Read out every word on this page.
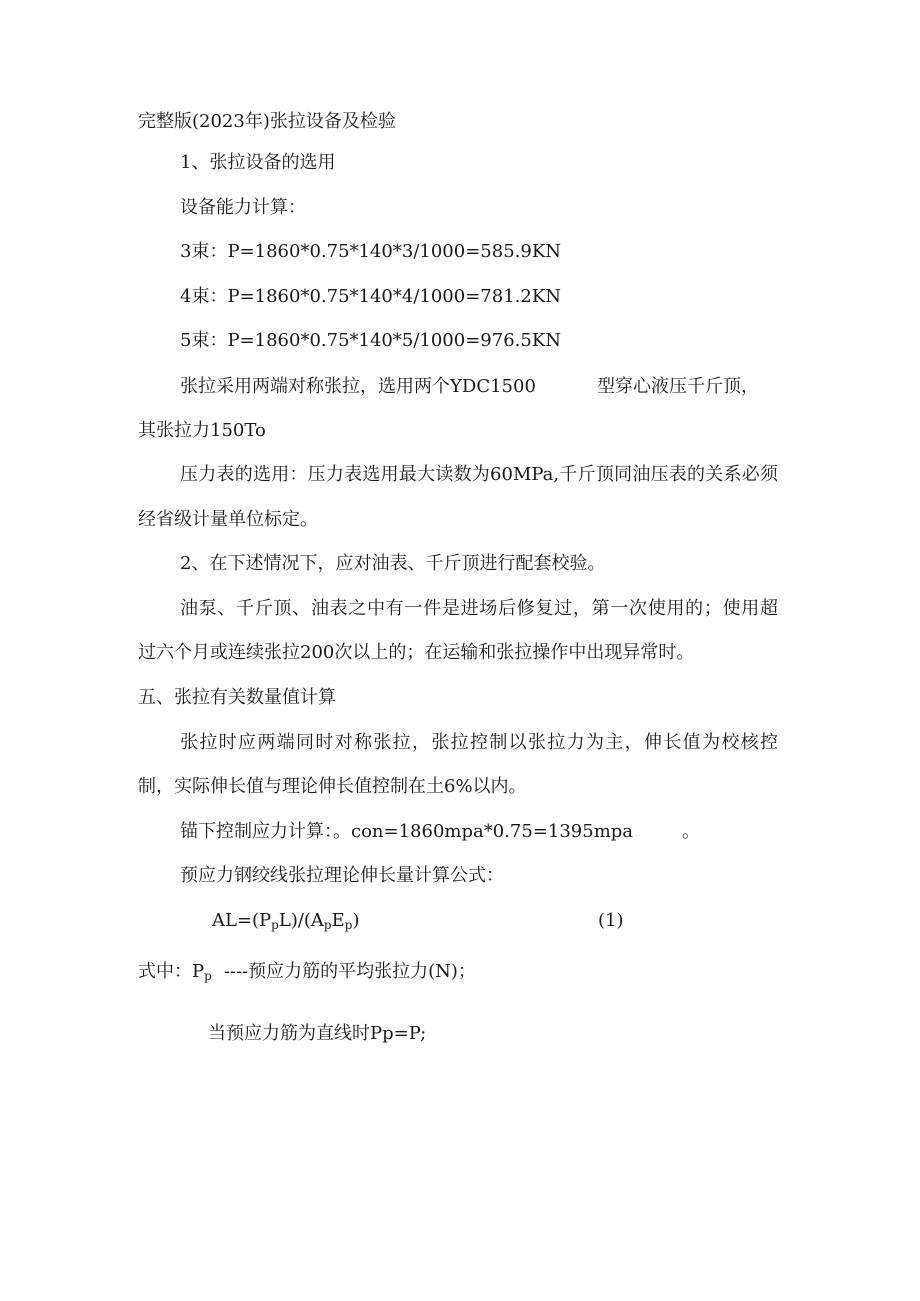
完整版(2023年)张拉设备及检验
1、张拉设备的选用
设备能力计算：
3束：P=1860*0.75*140*3/1000=585.9KN
4束：P=1860*0.75*140*4/1000=781.2KN
5束：P=1860*0.75*140*5/1000=976.5KN
张拉采用两端对称张拉，选用两个YDC1500	型穿心液压千斤顶，
其张拉力150To
压力表的选用：压力表选用最大读数为60MPa,千斤顶同油压表的关系必须
经省级计量单位标定。
2、在下述情况下，应对油表、千斤顶进行配套校验。
油泵、千斤顶、油表之中有一件是进场后修复过，第一次使用的；使用超
过六个月或连续张拉200次以上的；在运输和张拉操作中出现异常时。
五、张拉有关数量值计算
张拉时应两端同时对称张拉，张拉控制以张拉力为主，伸长值为校核控
制，实际伸长值与理论伸长值控制在土6%以内。
锚下控制应力计算：。con=1860mpa*0.75=1395mpa	。
预应力钢绞线张拉理论伸长量计算公式：
$AL=(P_pL)/(A_pE_p)$	(1)
式中：$P_p$ ----预应力筋的平均张拉力(N)；
当预应力筋为直线时Pp=P;
